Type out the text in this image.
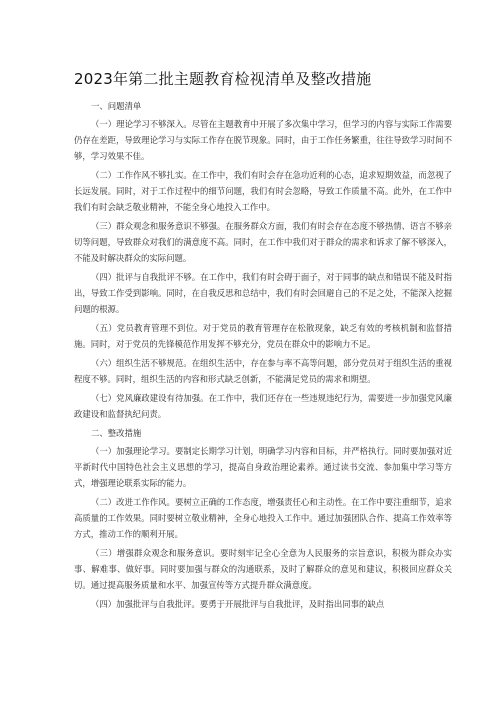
2023年第二批主题教育检视清单及整改措施
一、问题清单

（一）理论学习不够深入。尽管在主题教育中开展了多次集中学习，但学习的内容与实际工作需要仍存在差距，导致理论学习与实际工作存在脱节现象。同时，由于工作任务繁重，往往导致学习时间不够，学习效果不佳。

（二）工作作风不够扎实。在工作中，我们有时会存在急功近利的心态，追求短期效益，而忽视了长远发展。同时，对于工作过程中的细节问题，我们有时会忽略，导致工作质量不高。此外，在工作中我们有时会缺乏敬业精神，不能全身心地投入工作中。

（三）群众观念和服务意识不够强。在服务群众方面，我们有时会存在态度不够热情、语言不够亲切等问题，导致群众对我们的满意度不高。同时，在工作中我们对于群众的需求和诉求了解不够深入，不能及时解决群众的实际问题。

（四）批评与自我批评不够。在工作中，我们有时会碍于面子，对于同事的缺点和错误不能及时指出，导致工作受到影响。同时，在自我反思和总结中，我们有时会回避自己的不足之处，不能深入挖掘问题的根源。

（五）党员教育管理不到位。对于党员的教育管理存在松散现象，缺乏有效的考核机制和监督措施。同时，对于党员的先锋模范作用发挥不够充分，党员在群众中的影响力不足。

（六）组织生活不够规范。在组织生活中，存在参与率不高等问题，部分党员对于组织生活的重视程度不够。同时，组织生活的内容和形式缺乏创新，不能满足党员的需求和期望。

（七）党风廉政建设有待加强。在工作中，我们还存在一些违规违纪行为，需要进一步加强党风廉政建设和监督执纪问责。

二、整改措施

（一）加强理论学习。要制定长期学习计划，明确学习内容和目标，并严格执行。同时要加强对近平新时代中国特色社会主义思想的学习，提高自身政治理论素养。通过读书交流、参加集中学习等方式，增强理论联系实际的能力。

（二）改进工作作风。要树立正确的工作态度，增强责任心和主动性。在工作中要注重细节，追求高质量的工作效果。同时要树立敬业精神，全身心地投入工作中。通过加强团队合作、提高工作效率等方式，推动工作的顺利开展。

（三）增强群众观念和服务意识。要时刻牢记全心全意为人民服务的宗旨意识，积极为群众办实事、解难事、做好事。同时要加强与群众的沟通联系，及时了解群众的意见和建议，积极回应群众关切。通过提高服务质量和水平、加强宣传等方式提升群众满意度。

（四）加强批评与自我批评。要勇于开展批评与自我批评，及时指出同事的缺点
